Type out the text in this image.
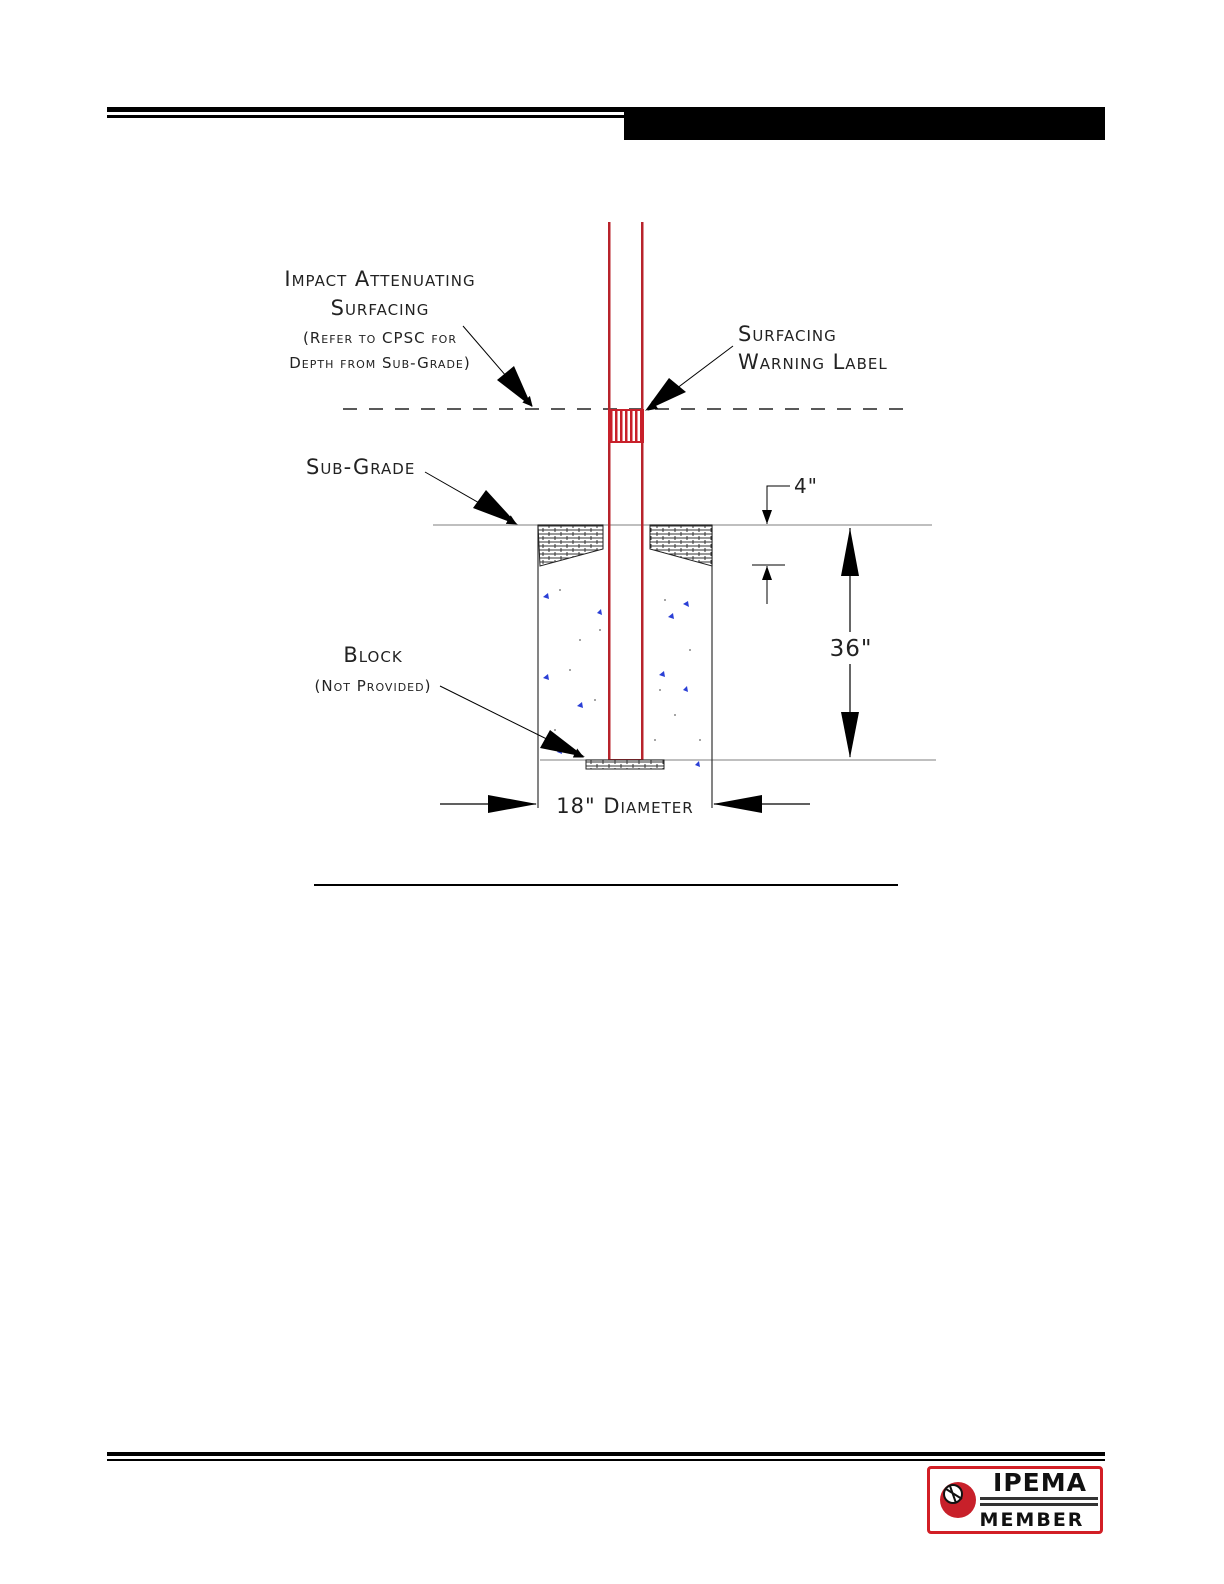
Impact Attenuating
Surfacing
(Refer to CPSC for
Depth from Sub-Grade)
Surfacing
Warning Label
Sub-Grade
Block
(Not Provided)
4"
36"
18" Diameter
IPEMA
MEMBER
